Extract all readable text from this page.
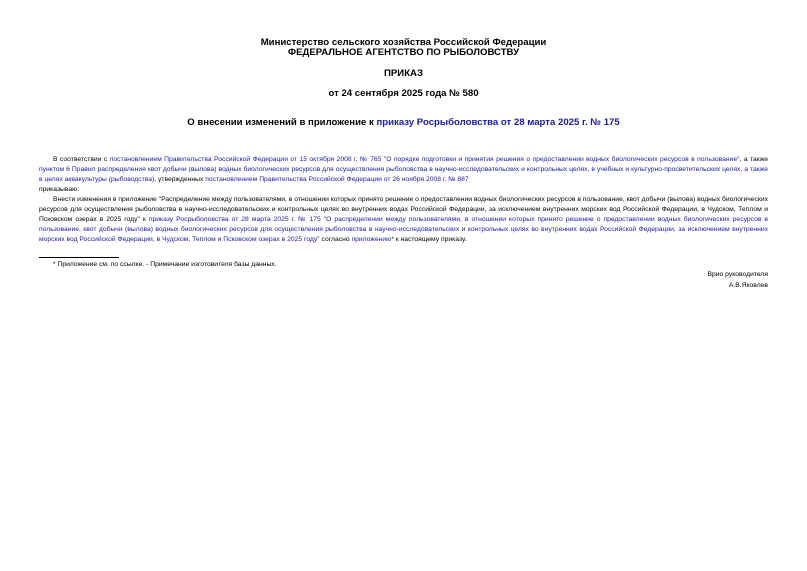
Министерство сельского хозяйства Российской Федерации
ФЕДЕРАЛЬНОЕ АГЕНТСТВО ПО РЫБОЛОВСТВУ
ПРИКАЗ
от 24 сентября 2025 года № 580
О внесении изменений в приложение к приказу Росрыболовства от 28 марта 2025 г. № 175

В соответствии с постановлением Правительства Российской Федерации от 15 октября 2008 г. № 765 "О порядке подготовки и принятия решения о предоставлении водных биологических ресурсов в пользование", а также пунктом 6 Правил распределения квот добычи (вылова) водных биологических ресурсов для осуществления рыболовства в научно-исследовательских и контрольных целях, в учебных и культурно-просветительских целях, а также в целях аквакультуры (рыбоводства), утвержденных постановлением Правительства Российской Федерации от 26 ноября 2008 г. № 887

приказываю:

Внести изменения в приложение "Распределение между пользователями, в отношении которых принято решение о предоставлении водных биологических ресурсов в пользование, квот добычи (вылова) водных биологических ресурсов для осуществления рыболовства в научно-исследовательских и контрольных целях во внутренних водах Российской Федерации, за исключением внутренних морских вод Российской Федерации, в Чудском, Теплом и Псковском озерах в 2025 году" к приказу Росрыболовства от 28 марта 2025 г. № 175 "О распределении между пользователями, в отношении которых принято решение о предоставлении водных биологических ресурсов в пользование, квот добычи (вылова) водных биологических ресурсов для осуществления рыболовства в научно-исследовательских и контрольных целях во внутренних водах Российской Федерации, за исключением внутренних морских вод Российской Федерации, в Чудском, Теплом и Псковском озерах в 2025 году" согласно приложению* к настоящему приказу.

* Приложение см. по ссылке. - Примечание изготовителя базы данных.
Врио руководителя
А.В.Яковлев
